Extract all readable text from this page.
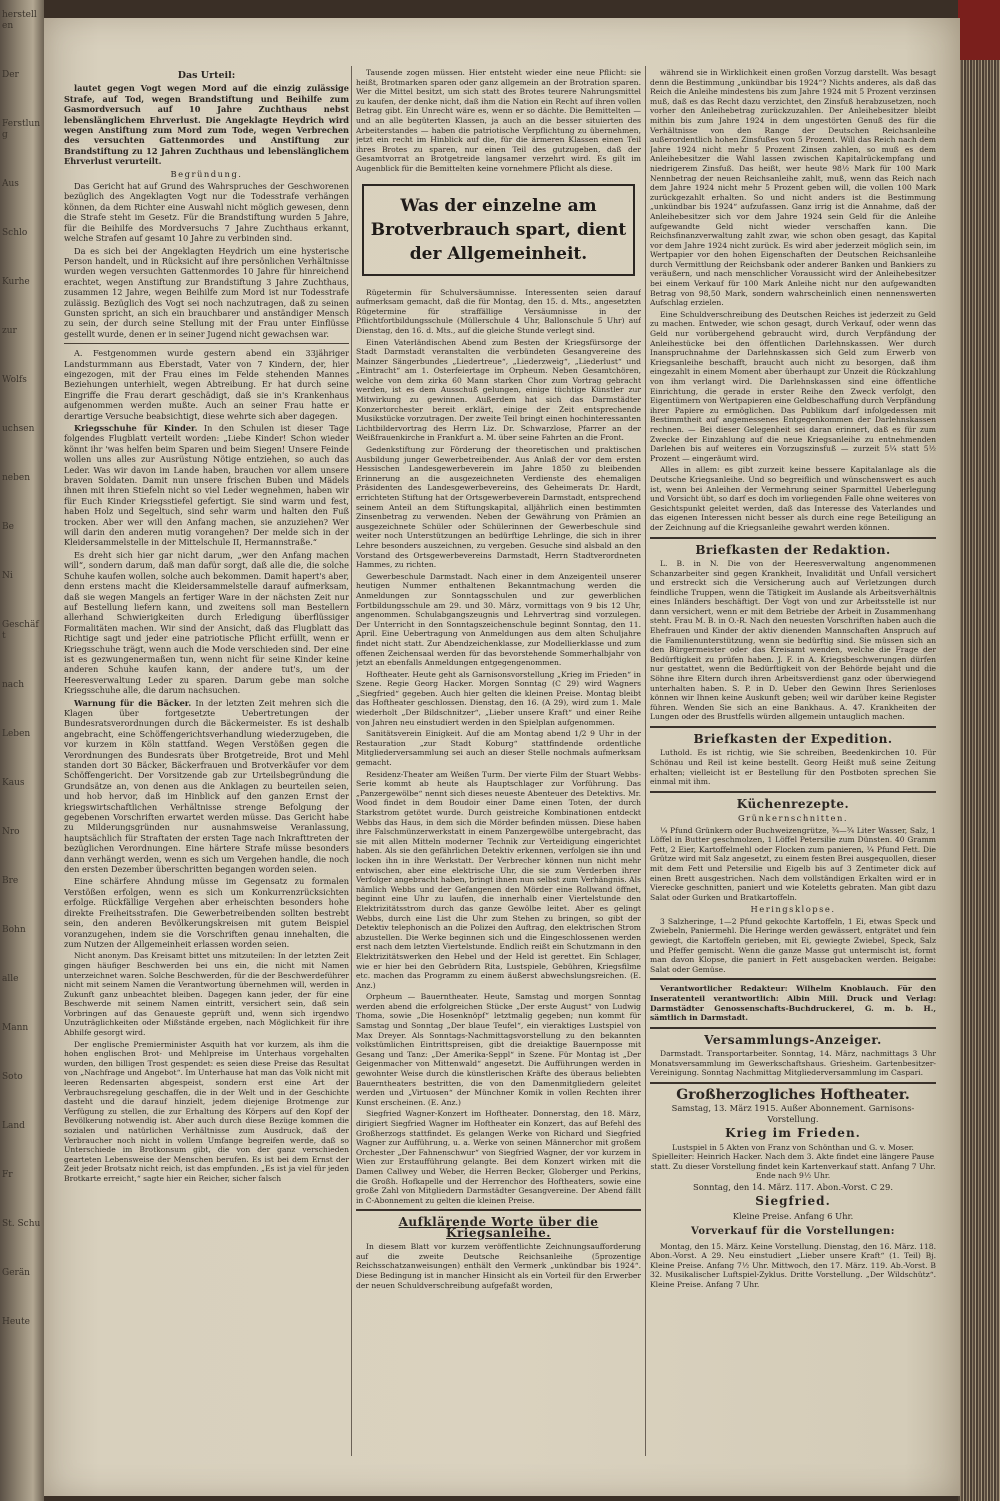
herstellen
Der
Ferstlung
Aus
Schlo
Kurhe
zur
Wolfs
uchsen
neben
Be
Ni
Geschäft
nach
Leben
Kaus
Nro
Bre
Bohn
alle
Mann
Soto
Land
Fr
St. Schu
Gerän
Heute

Das Urteil:

lautet gegen Vogt wegen Mord auf die einzig zulässige Strafe, auf Tod, wegen Brandstiftung und Beihilfe zum Gasmordversuch auf 10 Jahre Zuchthaus nebst lebenslänglichem Ehrverlust. Die Angeklagte Heydrich wird wegen Anstiftung zum Mord zum Tode, wegen Verbrechen des versuchten Gattenmordes und Anstiftung zur Brandstiftung zu 12 Jahren Zuchthaus und lebenslänglichem Ehrverlust verurteilt.

Begründung.

Das Gericht hat auf Grund des Wahrspruches der Geschworenen bezüglich des Angeklagten Vogt nur die Todesstrafe verhängen können, da dem Richter eine Auswahl nicht möglich gewesen, denn die Strafe steht im Gesetz. Für die Brandstiftung wurden 5 Jahre, für die Beihilfe des Mordversuchs 7 Jahre Zuchthaus erkannt, welche Strafen auf gesamt 10 Jahre zu verbinden sind.

Da es sich bei der Angeklagten Heydrich um eine hysterische Person handelt, und in Rücksicht auf ihre persönlichen Verhältnisse wurden wegen versuchten Gattenmordes 10 Jahre für hinreichend erachtet, wegen Anstiftung zur Brandstiftung 3 Jahre Zuchthaus, zusammen 12 Jahre, wegen Beihilfe zum Mord ist nur Todesstrafe zulässig. Bezüglich des Vogt sei noch nachzutragen, daß zu seinen Gunsten spricht, an sich ein brauchbarer und anständiger Mensch zu sein, der durch seine Stellung mit der Frau unter Einflüsse gestellt wurde, denen er in seiner Jugend nicht gewachsen war.

A. Festgenommen wurde gestern abend ein 33jähriger Landsturmmann aus Eberstadt, Vater von 7 Kindern, der, hier eingezogen, mit der Frau eines im Felde stehenden Mannes Beziehungen unterhielt, wegen Abtreibung. Er hat durch seine Eingriffe die Frau derart geschädigt, daß sie in's Krankenhaus aufgenommen werden mußte. Auch an seiner Frau hatte er derartige Versuche beabsichtigt, diese wehrte sich aber dagegen.

Kriegsschuhe für Kinder. In den Schulen ist dieser Tage folgendes Flugblatt verteilt worden: „Liebe Kinder! Schon wieder könnt ihr 'was helfen beim Sparen und beim Siegen! Unsere Feinde wollen uns alles zur Ausrüstung Nötige entziehen, so auch das Leder. Was wir davon im Lande haben, brauchen vor allem unsere braven Soldaten. Damit nun unsere frischen Buben und Mädels ihnen mit ihren Stiefeln nicht so viel Leder wegnehmen, haben wir für Euch Kinder Kriegsstiefel gefertigt. Sie sind warm und fest, haben Holz und Segeltuch, sind sehr warm und halten den Fuß trocken. Aber wer will den Anfang machen, sie anzuziehen? Wer will darin den anderen mutig vorangehen? Der melde sich in der Kleidersammelstelle in der Mittelschule II, Hermannstraße.“

Es dreht sich hier gar nicht darum, „wer den Anfang machen will“, sondern darum, daß man dafür sorgt, daß alle die, die solche Schuhe kaufen wollen, solche auch bekommen. Damit hapert's aber, denn erstens macht die Kleidersammelstelle darauf aufmerksam, daß sie wegen Mangels an fertiger Ware in der nächsten Zeit nur auf Bestellung liefern kann, und zweitens soll man Bestellern allerhand Schwierigkeiten durch Erledigung überflüssiger Formalitäten machen. Wir sind der Ansicht, daß das Flugblatt das Richtige sagt und jeder eine patriotische Pflicht erfüllt, wenn er Kriegsschuhe trägt, wenn auch die Mode verschieden sind. Der eine ist es gezwungenermaßen tun, wenn nicht für seine Kinder keine anderen Schuhe kaufen kann, der andere tut's, um der Heeresverwaltung Leder zu sparen. Darum gebe man solche Kriegsschuhe alle, die darum nachsuchen.

Warnung für die Bäcker. In der letzten Zeit mehren sich die Klagen über fortgesetzte Uebertretungen der Bundesratsverordnungen durch die Bäckermeister. Es ist deshalb angebracht, eine Schöffengerichtsverhandlung wiederzugeben, die vor kurzem in Köln stattfand. Wegen Verstößen gegen die Verordnungen des Bundesrats über Brotgetreide, Brot und Mehl standen dort 30 Bäcker, Bäckerfrauen und Brotverkäufer vor dem Schöffengericht. Der Vorsitzende gab zur Urteilsbegründung die Grundsätze an, von denen aus die Anklagen zu beurteilen seien, und hob hervor, daß im Hinblick auf den ganzen Ernst der kriegswirtschaftlichen Verhältnisse strenge Befolgung der gegebenen Vorschriften erwartet werden müsse. Das Gericht habe zu Milderungsgründen nur ausnahmsweise Veranlassung, hauptsächlich für Straftaten der ersten Tage nach Inkrafttreten der bezüglichen Verordnungen. Eine härtere Strafe müsse besonders dann verhängt werden, wenn es sich um Vergehen handle, die noch den ersten Dezember überschritten begangen worden seien.

Eine schärfere Ahndung müsse im Gegensatz zu formalen Verstößen erfolgen, wenn es sich um Konkurrenzrücksichten erfolge. Rückfällige Vergehen aber erheischten besonders hohe direkte Freiheitsstrafen. Die Gewerbetreibenden sollten bestrebt sein, den anderen Bevölkerungskreisen mit gutem Beispiel voranzugehen, indem sie die Vorschriften genau innehalten, die zum Nutzen der Allgemeinheit erlassen worden seien.

Nicht anonym. Das Kreisamt bittet uns mitzuteilen: In der letzten Zeit gingen häufiger Beschwerden bei uns ein, die nicht mit Namen unterzeichnet waren. Solche Beschwerden, für die der Beschwerdeführer nicht mit seinem Namen die Verantwortung übernehmen will, werden in Zukunft ganz unbeachtet bleiben. Dagegen kann jeder, der für eine Beschwerde mit seinem Namen eintritt, versichert sein, daß sein Vorbringen auf das Genaueste geprüft und, wenn sich irgendwo Unzuträglichkeiten oder Mißstände ergeben, nach Möglichkeit für ihre Abhilfe gesorgt wird.

Der englische Premierminister Asquith hat vor kurzem, als ihm die hohen englischen Brot- und Mehlpreise im Unterhaus vorgehalten wurden, den billigen Trost gespendet: es seien diese Preise das Resultat von „Nachfrage und Angebot“. Im Unterhause hat man das Volk nicht mit leeren Redensarten abgespeist, sondern erst eine Art der Verbrauchsregelung geschaffen, die in der Welt und in der Geschichte dasteht und die darauf hinzielt, jedem diejenige Brotmenge zur Verfügung zu stellen, die zur Erhaltung des Körpers auf den Kopf der Bevölkerung notwendig ist. Aber auch durch diese Bezüge kommen die sozialen und natürlichen Verhältnisse zum Ausdruck, daß der Verbraucher noch nicht in vollem Umfange begreifen werde, daß so Unterschiede im Brotkonsum gibt, die von der ganz verschieden gearteten Lebensweise der Menschen berufen. Es ist bei dem Ernst der Zeit jeder Brotsatz nicht reich, ist das empfunden. „Es ist ja viel für jeden Brotkarte erreicht,“ sagte hier ein Reicher, sicher falsch

Tausende zogen müssen. Hier entsteht wieder eine neue Pflicht: sie heißt, Brotmarken sparen oder ganz allgemein an der Brotration sparen. Wer die Mittel besitzt, um sich statt des Brotes teurere Nahrungsmittel zu kaufen, der denke nicht, daß ihm die Nation ein Recht auf ihren vollen Betrag gibt. Ein Unrecht wäre es, wenn er so dächte. Die Bemittelten — und an alle begüterten Klassen, ja auch an die besser situierten des Arbeiterstandes — haben die patriotische Verpflichtung zu übernehmen, jetzt ein recht im Hinblick auf die, für die ärmeren Klassen einen Teil ihres Brotes zu sparen, nur einen Teil des gutzugeben, daß der Gesamtvorrat an Brotgetreide langsamer verzehrt wird. Es gilt im Augenblick für die Bemittelten keine vornehmere Pflicht als diese.

Was der einzelne am Brotverbrauch spart, dient der Allgemeinheit.

Rügetermin für Schulversäumnisse. Interessenten seien darauf aufmerksam gemacht, daß die für Montag, den 15. d. Mts., angesetzten Rügetermine für straffällige Versäumnisse in der Pflichtfortbildungsschule (Müllerschule 4 Uhr, Ballonschule 5 Uhr) auf Dienstag, den 16. d. Mts., auf die gleiche Stunde verlegt sind.

Einen Vaterländischen Abend zum Besten der Kriegsfürsorge der Stadt Darmstadt veranstalten die verbündeten Gesangvereine des Mainzer Sängerbundes „Liedertreue“, „Liederzweig“, „Liederlust“ und „Eintracht“ am 1. Osterfeiertage im Orpheum. Neben Gesamtchören, welche von dem zirka 60 Mann starken Chor zum Vortrag gebracht werden, ist es dem Ausschuß gelungen, einige tüchtige Künstler zur Mitwirkung zu gewinnen. Außerdem hat sich das Darmstädter Konzertorchester bereit erklärt, einige der Zeit entsprechende Musikstücke vorzutragen. Der zweite Teil bringt einen hochinteressanten Lichtbildervortrag des Herrn Liz. Dr. Schwarzlose, Pfarrer an der Weißfrauenkirche in Frankfurt a. M. über seine Fahrten an die Front.

Gedenkstiftung zur Förderung der theoretischen und praktischen Ausbildung junger Gewerbetreibender. Aus Anlaß der vor dem ersten Hessischen Landesgewerbeverein im Jahre 1850 zu bleibenden Erinnerung an die ausgezeichneten Verdienste des ehemaligen Präsidenten des Landesgewerbevereins, des Geheimerats Dr. Hardt, errichteten Stiftung hat der Ortsgewerbeverein Darmstadt, entsprechend seinem Anteil an dem Stiftungskapital, alljährlich einen bestimmten Zinsenbetrag zu verwenden. Neben der Gewährung von Prämien an ausgezeichnete Schüler oder Schülerinnen der Gewerbeschule sind weiter noch Unterstützungen an bedürftige Lehrlinge, die sich in ihrer Lehre besonders auszeichnen, zu vergeben. Gesuche sind alsbald an den Vorstand des Ortsgewerbevereins Darmstadt, Herrn Stadtverordneten Hammes, zu richten.

Gewerbeschule Darmstadt. Nach einer in dem Anzeigenteil unserer heutigen Nummer enthaltenen Bekanntmachung werden die Anmeldungen zur Sonntagsschulen und zur gewerblichen Fortbildungsschule am 29. und 30. März, vormittags von 9 bis 12 Uhr, angenommen. Schulabgangszeugnis und Lehrvertrag sind vorzulegen. Der Unterricht in den Sonntagszeichenschule beginnt Sonntag, den 11. April. Eine Uebertragung von Anmeldungen aus dem alten Schuljahre findet nicht statt. Zur Abendzeichenklasse, zur Modellierklasse und zum offenen Zeichensaal werden für das bevorstehende Sommerhalbjahr von jetzt an ebenfalls Anmeldungen entgegengenommen.

Hoftheater. Heute geht als Garnisonsvorstellung „Krieg im Frieden“ in Szene. Regie Georg Hacker. Morgen Sonntag (C 29) wird Wagners „Siegfried“ gegeben. Auch hier gelten die kleinen Preise. Montag bleibt das Hoftheater geschlossen. Dienstag, den 16. (A 29), wird zum 1. Male wiederholt „Der Bildschnitzer“, „Lieber unsere Kraft“ und einer Reihe von Jahren neu einstudiert werden in den Spielplan aufgenommen.

Sanitätsverein Einigkeit. Auf die am Montag abend 1/2 9 Uhr in der Restauration „zur Stadt Koburg“ stattfindende ordentliche Mitgliederversammlung sei auch an dieser Stelle nochmals aufmerksam gemacht.

Residenz-Theater am Weißen Turm. Der vierte Film der Stuart Webbs-Serie kommt ab heute als Hauptschlager zur Vorführung. Das „Panzergewölbe“ nennt sich dieses neueste Abenteuer des Detektivs. Mr. Wood findet in dem Boudoir einer Dame einen Toten, der durch Starkstrom getötet wurde. Durch geistreiche Kombinationen entdeckt Webbs das Haus, in dem sich die Mörder befinden müssen. Diese haben ihre Falschmünzerwerkstatt in einem Panzergewölbe untergebracht, das sie mit allen Mitteln moderner Technik zur Verteidigung eingerichtet haben. Als sie den gefährlichen Detektiv erkennen, verfolgen sie ihn und locken ihn in ihre Werkstatt. Der Verbrecher können nun nicht mehr entwischen, aber eine elektrische Uhr, die sie zum Verderben ihrer Verfolger angebracht haben, bringt ihnen nun selbst zum Verhängnis. Als nämlich Webbs und der Gefangenen den Mörder eine Rollwand öffnet, beginnt eine Uhr zu laufen, die innerhalb einer Viertelstunde den Elektrizitätsstrom durch das ganze Gewölbe leitet. Aber es gelingt Webbs, durch eine List die Uhr zum Stehen zu bringen, so gibt der Detektiv telephonisch an die Polizei den Auftrag, den elektrischen Strom abzustellen. Die Werke beginnen sich und die Eingeschlossenen werden erst nach dem letzten Viertelstunde. Endlich reißt ein Schutzmann in den Elektrizitätswerken den Hebel und der Held ist gerettet. Ein Schlager, wie er hier bei den Gebrüdern Rita, Lustspiele, Gebühren, Kriegsfilme etc. machen das Programm zu einem äußerst abwechslungsreichen. (E. Anz.)

Orpheum — Bauerntheater. Heute, Samstag und morgen Sonntag werden abend die erfolgreichen Stücke „Der erste August“ von Ludwig Thoma, sowie „Die Hosenknöpf“ letztmalig gegeben; nun kommt für Samstag und Sonntag „Der blaue Teufel“, ein vieraktiges Lustspiel von Max Dreyer. Als Sonntags-Nachmittagsvorstellung zu den bekannten volkstümlichen Eintrittspreisen, gibt die dreiaktige Bauernposse mit Gesang und Tanz: „Der Amerika-Seppl“ in Szene. Für Montag ist „Der Geigenmacher von Mittenwald“ angesetzt. Die Aufführungen werden in gewohnter Weise durch die künstlerischen Kräfte des überaus beliebten Bauerntheaters bestritten, die von den Damenmitgliedern geleitet werden und „Virtuosen“ der Münchner Komik in vollen Rechten ihrer Kunst erscheinen. (E. Anz.)

Siegfried Wagner-Konzert im Hoftheater. Donnerstag, den 18. März, dirigiert Siegfried Wagner im Hoftheater ein Konzert, das auf Befehl des Großherzogs stattfindet. Es gelangen Werke von Richard und Siegfried Wagner zur Aufführung, u. a. Werke von seinen Männerchor mit großem Orchester „Der Fahnenschwur“ von Siegfried Wagner, der vor kurzem in Wien zur Erstaufführung gelangte. Bei dem Konzert wirken mit die Damen Callwey und Weber, die Herren Becker, Globerger und Perkins, die Großh. Hofkapelle und der Herrenchor des Hoftheaters, sowie eine große Zahl von Mitgliedern Darmstädter Gesangvereine. Der Abend fällt in C-Abonnement zu gelten die kleinen Preise.

Aufklärende Worte über die Kriegsanleihe.

In diesem Blatt vor kurzem veröffentlichte Zeichnungsaufforderung auf die zweite Deutsche Reichsanleihe (5prozentige Reichsschatzanweisungen) enthält den Vermerk „unkündbar bis 1924“. Diese Bedingung ist in mancher Hinsicht als ein Vorteil für den Erwerber der neuen Schuldverschreibung aufgefaßt worden,

während sie in Wirklichkeit einen großen Vorzug darstellt. Was besagt denn die Bestimmung „unkündbar bis 1924“? Nichts anderes, als daß das Reich die Anleihe mindestens bis zum Jahre 1924 mit 5 Prozent verzinsen muß, daß es das Recht dazu verzichtet, den Zinsfuß herabzusetzen, noch vorher den Anleihebetrag zurückzuzahlen. Der Anleihebesitzer bleibt mithin bis zum Jahre 1924 in dem ungestörten Genuß des für die Verhältnisse von den Range der Deutschen Reichsanleihe außerordentlich hohen Zinsfußes von 5 Prozent. Will das Reich nach dem Jahre 1924 nicht mehr 5 Prozent Zinsen zahlen, so muß es dem Anleihebesitzer die Wahl lassen zwischen Kapitalrückempfang und niedrigerem Zinsfuß. Das heißt, wer heute 98½ Mark für 100 Mark Nennbetrag der neuen Reichsanleihe zahlt, muß, wenn das Reich nach dem Jahre 1924 nicht mehr 5 Prozent geben will, die vollen 100 Mark zurückgezahlt erhalten. So und nicht anders ist die Bestimmung „unkündbar bis 1924“ aufzufassen. Ganz irrig ist die Annahme, daß der Anleihebesitzer sich vor dem Jahre 1924 sein Geld für die Anleihe aufgewandte Geld nicht wieder verschaffen kann. Die Reichsfinanzverwaltung zahlt zwar, wie schon oben gesagt, das Kapital vor dem Jahre 1924 nicht zurück. Es wird aber jederzeit möglich sein, im Wertpapier vor den hohen Eigenschaften der Deutschen Reichsanleihe durch Vermittlung der Reichsbank oder anderer Banken und Bankiers zu veräußern, und nach menschlicher Voraussicht wird der Anleihebesitzer bei einem Verkauf für 100 Mark Anleihe nicht nur den aufgewandten Betrag von 98,50 Mark, sondern wahrscheinlich einen nennenswerten Aufschlag erzielen.

Eine Schuldverschreibung des Deutschen Reiches ist jederzeit zu Geld zu machen. Entweder, wie schon gesagt, durch Verkauf, oder wenn das Geld nur vorübergehend gebraucht wird, durch Verpfändung der Anleihestücke bei den öffentlichen Darlehnskassen. Wer durch Inanspruchnahme der Darlehnskassen sich Geld zum Erwerb von Kriegsanleihe beschafft, braucht auch nicht zu besorgen, daß ihm eingezahlt in einem Moment aber überhaupt zur Unzeit die Rückzahlung von ihm verlangt wird. Die Darlehnskassen sind eine öffentliche Einrichtung, die gerade in erster Reihe den Zweck verfolgt, den Eigentümern von Wertpapieren eine Geldbeschaffung durch Verpfändung ihrer Papiere zu ermöglichen. Das Publikum darf infolgedessen mit Bestimmtheit auf angemessenes Entgegenkommen der Darlehnskassen rechnen. — Bei dieser Gelegenheit sei daran erinnert, daß es für zum Zwecke der Einzahlung auf die neue Kriegsanleihe zu entnehmenden Darlehen bis auf weiteres ein Vorzugszinsfuß — zurzeit 5¼ statt 5½ Prozent — eingeräumt wird.

Alles in allem: es gibt zurzeit keine bessere Kapitalanlage als die Deutsche Kriegsanleihe. Und so begreiflich und wünschenswert es auch ist, wenn bei Anleihen der Vermehrung seiner Sparmittel Ueberlegung und Vorsicht übt, so darf es doch im vorliegenden Falle ohne weiteres von Gesichtspunkt geleitet werden, daß das Interesse des Vaterlandes und das eigenen Interessen nicht besser als durch eine rege Beteiligung an der Zeichnung auf die Kriegsanleihe gewahrt werden können.

Briefkasten der Redaktion.

L. B. in N. Die von der Heeresverwaltung angenommenen Schanzarbeiter sind gegen Krankheit, Invalidität und Unfall versichert und erstreckt sich die Versicherung auch auf Verletzungen durch feindliche Truppen, wenn die Tätigkeit im Auslande als Arbeitsverhältnis eines Inländers beschäftigt. Der Vogt von und zur Arbeitsstelle ist nur dann versichert, wenn er mit dem Betriebe der Arbeit in Zusammenhang steht. Frau M. B. in O.-R. Nach den neuesten Vorschriften haben auch die Ehefrauen und Kinder der aktiv dienenden Mannschaften Anspruch auf die Familienunterstützung, wenn sie bedürftig sind. Sie müssen sich an den Bürgermeister oder das Kreisamt wenden, welche die Frage der Bedürftigkeit zu prüfen haben. J. F. in A. Kriegsbeschwerungen dürfen nur gestattet, wenn die Bedürftigkeit von der Behörde bejaht und die Söhne ihre Eltern durch ihren Arbeitsverdienst ganz oder überwiegend unterhalten haben. S. P. in D. Ueber den Gewinn Ihres Serienloses können wir Ihnen keine Auskunft geben; weil wir darüber keine Register führen. Wenden Sie sich an eine Bankhaus. A. 47. Krankheiten der Lungen oder des Brustfells würden allgemein untauglich machen.

Briefkasten der Expedition.

Luthold. Es ist richtig, wie Sie schreiben, Beedenkirchen 10. Für Schönau und Reil ist keine bestellt. Georg Heißt muß seine Zeitung erhalten; vielleicht ist er Bestellung für den Postboten sprechen Sie einmal mit ihm.

Küchenrezepte.

Grünkernschnitten.

¼ Pfund Grünkern oder Buchweizengrütze, ¾—¾ Liter Wasser, Salz, 1 Löffel in Butter geschmolzen, 1 Löffel Petersilie zum Dünsten. 40 Gramm Fett, 2 Eier, Kartoffelmehl oder Flocken zum panieren, ¼ Pfund Fett. Die Grütze wird mit Salz angesetzt, zu einem festen Brei ausgequollen, dieser mit dem Fett und Petersilie und Eigelb bis auf 3 Zentimeter dick auf einen Brett ausgestrichen. Nach dem vollständigen Erkalten wird er in Vierecke geschnitten, paniert und wie Koteletts gebraten. Man gibt dazu Salat oder Gurken und Bratkartoffeln.

Heringsklopse.

3 Salzheringe, 1—2 Pfund gekochte Kartoffeln, 1 Ei, etwas Speck und Zwiebeln, Paniermehl. Die Heringe werden gewässert, entgrätet und fein gewiegt, die Kartoffeln gerieben, mit Ei, gewiegte Zwiebel, Speck, Salz und Pfeffer gemischt. Wenn die ganze Masse gut untermischt ist, formt man davon Klopse, die paniert in Fett ausgebacken werden. Beigabe: Salat oder Gemüse.

Verantwortlicher Redakteur: Wilhelm Knoblauch. Für den Inseratenteil verantwortlich: Albin Mill. Druck und Verlag: Darmstädter Genossenschafts-Buchdruckerei, G. m. b. H., sämtlich in Darmstadt.

Versammlungs-Anzeiger.

Darmstadt. Transportarbeiter. Sonntag, 14. März, nachmittags 3 Uhr Monatsversammlung im Gewerkschaftshaus. Griesheim. Gartenbesitzer-Vereinigung. Sonntag Nachmittag Mitgliederversammlung im Caspari.

Großherzogliches Hoftheater.
Samstag, 13. März 1915. Außer Abonnement. Garnisons-Vorstellung.
Krieg im Frieden.
Lustspiel in 5 Akten von Franz von Schönthan und G. v. Moser. Spielleiter: Heinrich Hacker. Nach dem 3. Akte findet eine längere Pause statt. Zu dieser Vorstellung findet kein Kartenverkauf statt. Anfang 7 Uhr. Ende nach 9½ Uhr.
Sonntag, den 14. März. 117. Abon.-Vorst. C 29.
Siegfried.
Kleine Preise. Anfang 6 Uhr.
Vorverkauf für die Vorstellungen:

Montag, den 15. März. Keine Vorstellung. Dienstag, den 16. März. 118. Abon.-Vorst. A 29. Neu einstudiert „Lieber unsere Kraft“ (1. Teil) Bj. Kleine Preise. Anfang 7½ Uhr. Mittwoch, den 17. März. 119. Ab.-Vorst. B 32. Musikalischer Luftspiel-Zyklus. Dritte Vorstellung. „Der Wildschütz“. Kleine Preise. Anfang 7 Uhr.
